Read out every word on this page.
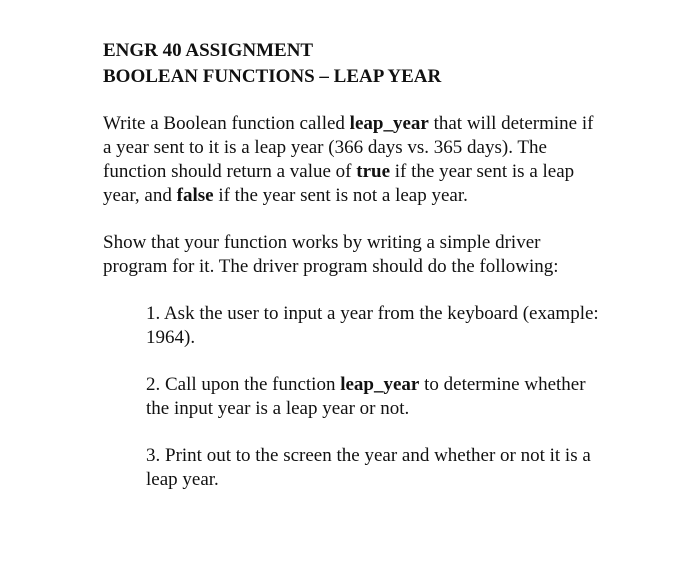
ENGR 40 ASSIGNMENT
BOOLEAN FUNCTIONS – LEAP YEAR

Write a Boolean function called leap_year that will determine if a year sent to it is a leap year (366 days vs. 365 days). The function should return a value of true if the year sent is a leap year, and false if the year sent is not a leap year.

Show that your function works by writing a simple driver program for it. The driver program should do the following:

1. Ask the user to input a year from the keyboard (example: 1964).

2. Call upon the function leap_year to determine whether the input year is a leap year or not.

3. Print out to the screen the year and whether or not it is a leap year.
